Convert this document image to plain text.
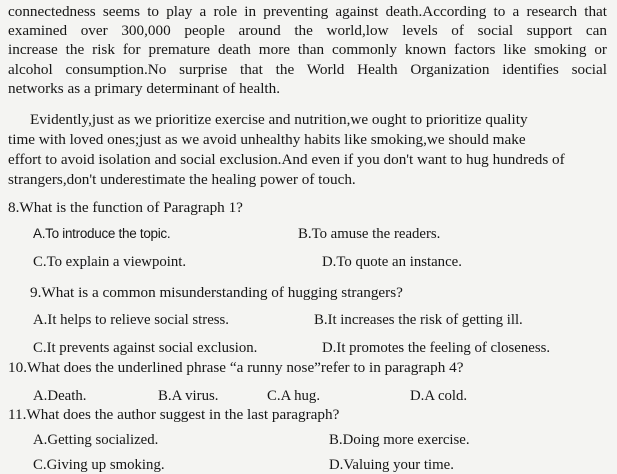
connectedness seems to play a role in preventing against death.According to a research that
examined over 300,000 people around the world,low levels of social support can
increase the risk for premature death more than commonly known factors like smoking or
alcohol consumption.No surprise that the World Health Organization identifies social
networks as a primary determinant of health.
Evidently,just as we prioritize exercise and nutrition,we ought to prioritize quality
time with loved ones;just as we avoid unhealthy habits like smoking,we should make
effort to avoid isolation and social exclusion.And even if you don't want to hug hundreds of
strangers,don't underestimate the healing power of touch.
8.What is the function of Paragraph 1?
A.To introduce the topic.	B.To amuse the readers.
C.To explain a viewpoint.	D.To quote an instance.
9.What is a common misunderstanding of hugging strangers?
A.It helps to relieve social stress.	B.It increases the risk of getting ill.
C.It prevents against social exclusion.	D.It promotes the feeling of closeness.
10.What does the underlined phrase “a runny nose”refer to in paragraph 4?
A.Death.	B.A virus.	C.A hug.	D.A cold.
11.What does the author suggest in the last paragraph?
A.Getting socialized.	B.Doing more exercise.
C.Giving up smoking.	D.Valuing your time.
